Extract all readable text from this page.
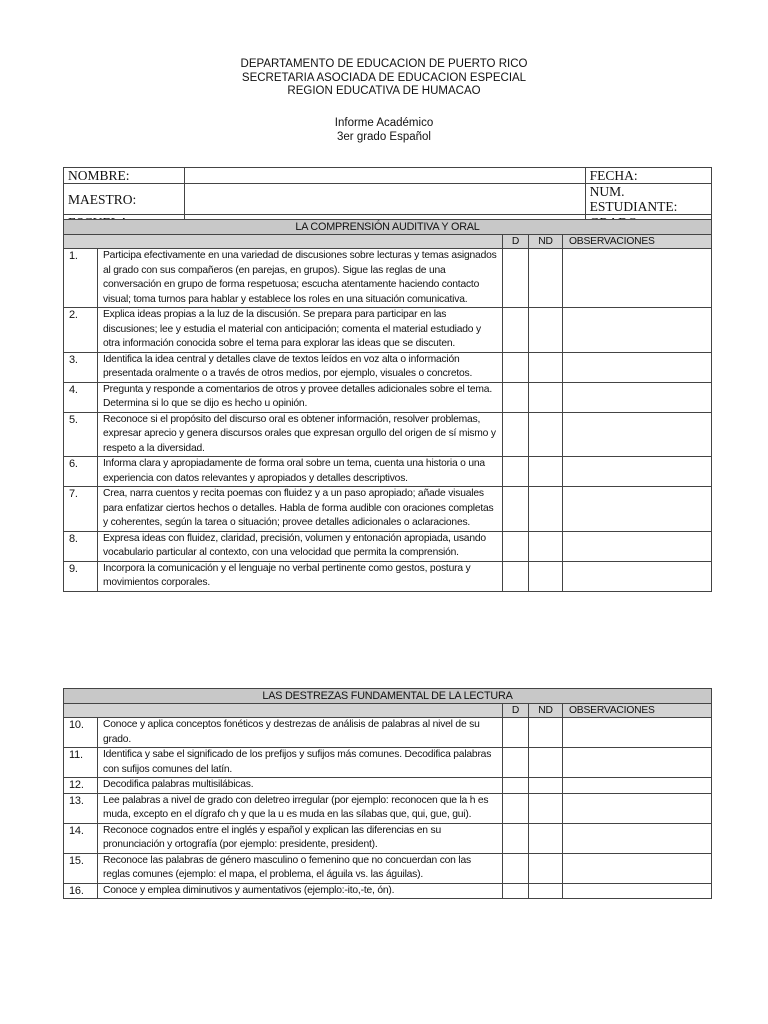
DEPARTAMENTO DE EDUCACION DE PUERTO RICO
SECRETARIA ASOCIADA DE EDUCACION ESPECIAL
REGION EDUCATIVA DE HUMACAO
Informe Académico
3er grado Español
NOMBRE:		FECHA:
MAESTRO:		NUM. ESTUDIANTE:

LA COMPRENSIÓN AUDITIVA Y ORAL				
		D	ND	OBSERVACIONES
1.	Participa efectivamente en una variedad de discusiones sobre lecturas y temas asignados al grado con sus compañeros (en parejas, en grupos). Sigue las reglas de una conversación en grupo de forma respetuosa; escucha atentamente haciendo contacto visual; toma turnos para hablar y establece los roles en una situación comunicativa.			
2.	Explica ideas propias a la luz de la discusión. Se prepara para participar en las discusiones; lee y estudia el material con anticipación; comenta el material estudiado y otra información conocida sobre el tema para explorar las ideas que se discuten.			
3.	Identifica la idea central y detalles clave de textos leídos en voz alta o información presentada oralmente o a través de otros medios, por ejemplo, visuales o concretos.			
4.	Pregunta y responde a comentarios de otros y provee detalles adicionales sobre el tema. Determina si lo que se dijo es hecho u opinión.			
5.	Reconoce si el propósito del discurso oral es obtener información, resolver problemas, expresar aprecio y genera discursos orales que expresan orgullo del origen de sí mismo y respeto a la diversidad.			
6.	Informa clara y apropiadamente de forma oral sobre un tema, cuenta una historia o una experiencia con datos relevantes y apropiados y detalles descriptivos.			
7.	Crea, narra cuentos y recita poemas con fluidez y a un paso apropiado; añade visuales para enfatizar ciertos hechos o detalles. Habla de forma audible con oraciones completas y coherentes, según la tarea o situación; provee detalles adicionales o aclaraciones.			
8.	Expresa ideas con fluidez, claridad, precisión, volumen y entonación apropiada, usando vocabulario particular al contexto, con una velocidad que permita la comprensión.			
9.	Incorpora la comunicación y el lenguaje no verbal pertinente como gestos, postura y movimientos corporales.			
LAS DESTREZAS FUNDAMENTAL DE LA LECTURA				
		D	ND	OBSERVACIONES
10.	Conoce y aplica conceptos fonéticos y destrezas de análisis de palabras al nivel de su grado.			
11.	Identifica y sabe el significado de los prefijos y sufijos más comunes. Decodifica palabras con sufijos comunes del latín.			
12.	Decodifica palabras multisilábicas.			
13.	Lee palabras a nivel de grado con deletreo irregular (por ejemplo: reconocen que la h es muda, excepto en el dígrafo ch y que la u es muda en las sílabas que, qui, gue, gui).			
14.	Reconoce cognados entre el inglés y español y explican las diferencias en su pronunciación y ortografía (por ejemplo: presidente, president).			
15.	Reconoce las palabras de género masculino o femenino que no concuerdan con las reglas comunes (ejemplo: el mapa, el problema, el águila vs. las águilas).			
16.	Conoce y emplea diminutivos y aumentativos (ejemplo:-ito,-te, ón).			
